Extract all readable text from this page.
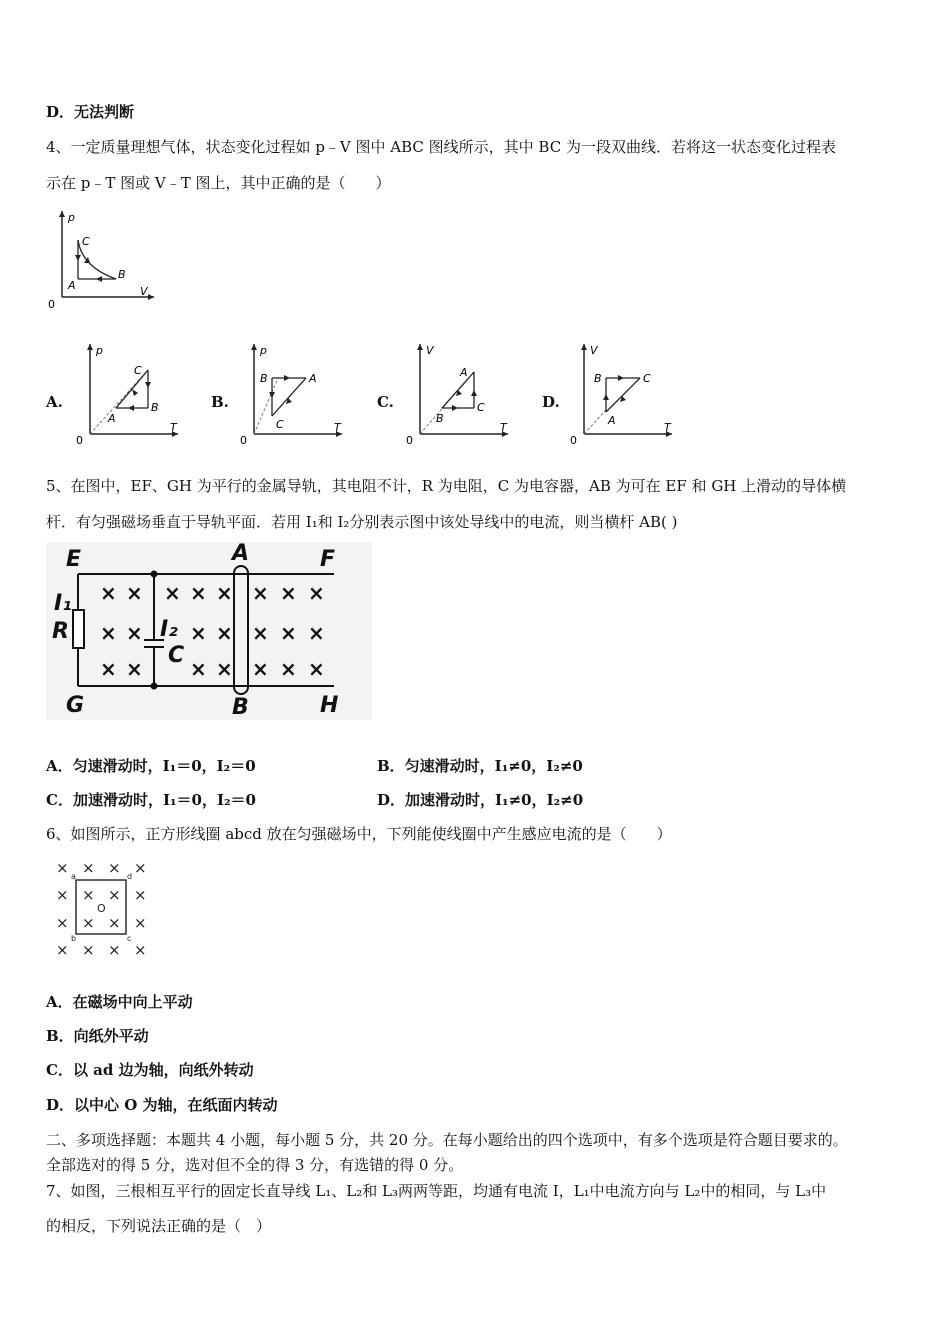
D．无法判断
4、一定质量理想气体，状态变化过程如 p﹣V 图中 ABC 图线所示，其中 BC 为一段双曲线．若将这一状态变化过程表
示在 p﹣T 图或 V﹣T 图上，其中正确的是（　　）
p
V
0
A
B
C
A.
p
T
0
A
B
C
B.
p
T
0
A
B
C
C.
V
T
0
A
B
C	D.
V
T
0
A
B	C
5、在图中，EF、GH 为平行的金属导轨，其电阻不计，R 为电阻，C 为电容器，AB 为可在 EF 和 GH 上滑动的导体横
杆．有匀强磁场垂直于导轨平面．若用 I₁和 I₂分别表示图中该处导线中的电流，则当横杆 AB( )
× × × × × × × ×
× × × × × × ×
× × × × × × ×
E	F
G	H
A
B
I₁
R	I₂
C
A．匀速滑动时，I₁＝0，I₂＝0	B．匀速滑动时，I₁≠0，I₂≠0
C．加速滑动时，I₁＝0，I₂＝0	D．加速滑动时，I₁≠0，I₂≠0
6、如图所示，正方形线圈 abcd 放在匀强磁场中，下列能使线圈中产生感应电流的是（　　）
× × × ×
× × × ×
× × × ×
× × × ×
a
b	c
d
O
A．在磁场中向上平动
B．向纸外平动
C．以 ad 边为轴，向纸外转动
D．以中心 O 为轴，在纸面内转动
二、多项选择题：本题共 4 小题，每小题 5 分，共 20 分。在每小题给出的四个选项中，有多个选项是符合题目要求的。
全部选对的得 5 分，选对但不全的得 3 分，有选错的得 0 分。
7、如图，三根相互平行的固定长直导线 L₁、L₂和 L₃两两等距，均通有电流 I，L₁中电流方向与 L₂中的相同，与 L₃中
的相反，下列说法正确的是（　）
